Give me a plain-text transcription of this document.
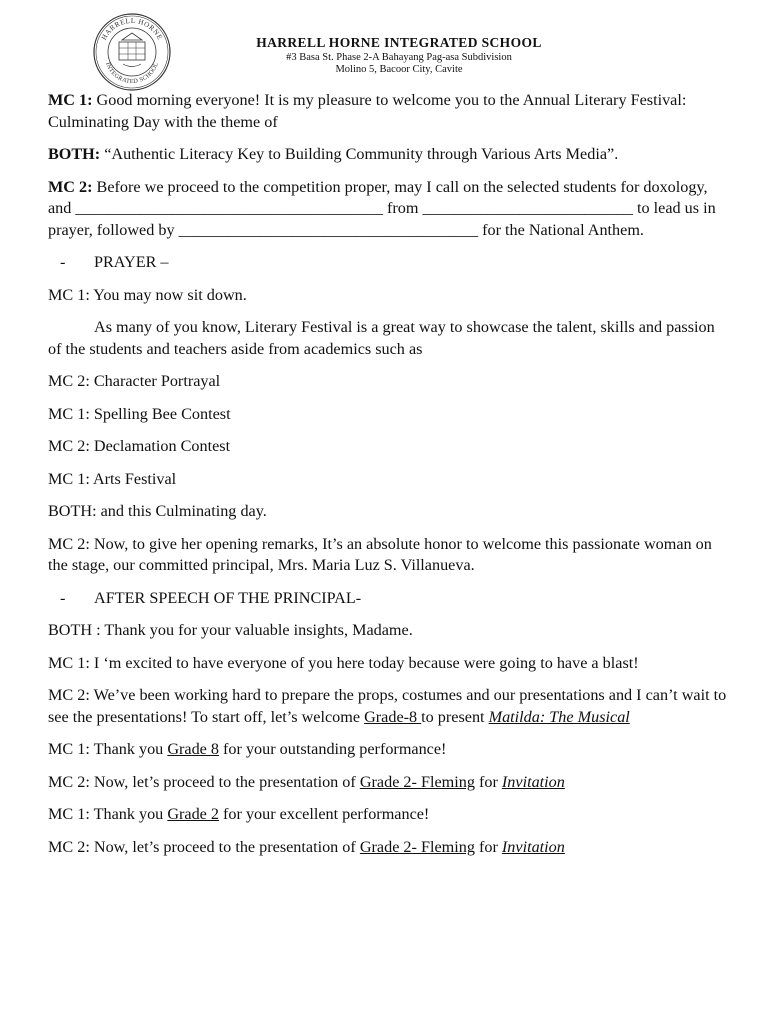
HARRELL HORNE
INTEGRATED SCHOOL
HARRELL HORNE INTEGRATED SCHOOL
#3 Basa St. Phase 2-A Bahayang Pag-asa Subdivision
Molino 5, Bacoor City, Cavite

MC 1: Good morning everyone! It is my pleasure to welcome you to the Annual Literary Festival: Culminating Day with the theme of

BOTH: “Authentic Literacy Key to Building Community through Various Arts Media”.

MC 2: Before we proceed to the competition proper, may I call on the selected students for doxology, and ______________________________________ from __________________________ to lead us in prayer, followed by _____________________________________ for the National Anthem.

- PRAYER –

MC 1: You may now sit down.

As many of you know, Literary Festival is a great way to showcase the talent, skills and passion of the students and teachers aside from academics such as

MC 2: Character Portrayal

MC 1: Spelling Bee Contest

MC 2: Declamation Contest

MC 1: Arts Festival

BOTH: and this Culminating day.

MC 2: Now, to give her opening remarks, It’s an absolute honor to welcome this passionate woman on the stage, our committed principal, Mrs. Maria Luz S. Villanueva.

- AFTER SPEECH OF THE PRINCIPAL-

BOTH : Thank you for your valuable insights, Madame.

MC 1: I ‘m excited to have everyone of you here today because were going to have a blast!

MC 2: We’ve been working hard to prepare the props, costumes and our presentations and I can’t wait to see the presentations! To start off, let’s welcome Grade-8 to present Matilda: The Musical

MC 1: Thank you Grade 8 for your outstanding performance!

MC 2: Now, let’s proceed to the presentation of Grade 2- Fleming for Invitation

MC 1: Thank you Grade 2 for your excellent performance!

MC 2: Now, let’s proceed to the presentation of Grade 2- Fleming for Invitation
